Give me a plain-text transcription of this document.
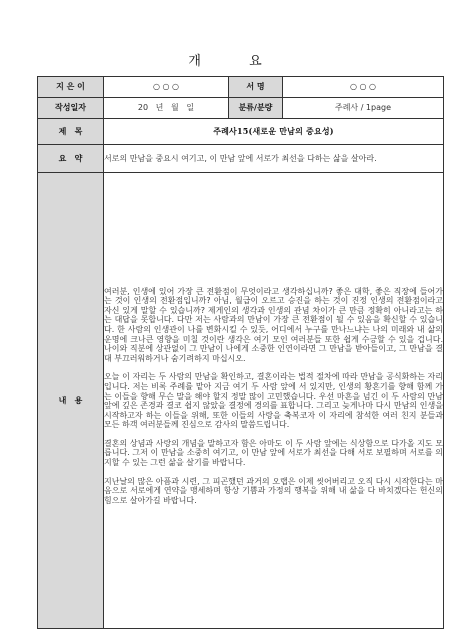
개 요
지 은 이	○ ○ ○	서 명	○ ○ ○
작성일자	20   년   월   일	분류/분량	주례사 / 1page
제   목	주례사15(새로운 만남의 중요성)		
요   약	서로의 만남을 중요시 여기고, 이 만남 앞에 서로가 최선을 다하는 삶을 살아라.		
내   용	여러분, 인생에 있어 가장 큰 전환점이 무엇이라고 생각하십니까? 좋은 대학, 좋은 직장에 들어가는 것이 인생의 전환점입니까? 아님, 월급이 오르고 승진을 하는 것이 진정 인생의 전환점이라고 자신 있게 말할 수 있습니까? 제게인의 생각과 인생의 관념 차이가 큰 만큼 정확히 아니라고는 하는 대답을 못합니다. 다만 저는 사람과의 만남이 가장 큰 전환점이 될 수 있음을 확신할 수 있습니다. 한 사람의 인생관이 나를 변화시킬 수 있듯, 어디에서 누구를 만나느냐는 나의 미래와 내 삶의 운명에 크나큰 영향을 미칠 것이란 생각은 여기 모인 여러분들 또한 쉽게 수긍할 수 있을 겁니다. 나이와 직분에 상관없이 그 만남이 나에게 소중한 인연이라면 그 만남을 받아들이고, 그 만남을 결대 부끄러워하거나 숨기려하지 마십시오.

오늘 이 자리는 두 사람의 만남을 확인하고, 결혼이라는 법적 절차에 따라 만남을 공식화하는 자리입니다. 저는 비록 주례를 맡아 지금 여기 두 사람 앞에 서 있지만, 인생의 황혼기를 향해 함께 가는 이들을 향해 무슨 말을 해야 할지 정말 많이 고민했습니다. 우선 마흔을 넘긴 이 두 사람의 만남 앞에 깊은 존경과 결코 쉽지 않았을 결정에 경의를 표합니다. 그리고 늦게나마 다시 만남의 인생을 시작하고자 하는 이들을 위해, 또한 이들의 사랑을 축복코자 이 자리에 참석한 여러 친지 분들과 모든 하객 여러분들께 진심으로 감사의 말씀드립니다.

결혼의 상념과 사랑의 개념을 말하고자 함은 아마도 이 두 사람 앞에는 식상함으로 다가올 지도 모릅니다. 그저 이 만남을 소중히 여기고, 이 만남 앞에 서로가 최선을 다해 서로 보필하며 서로를 의지할 수 있는 그런 삶을 살기를 바랍니다.

지난날의 많은 아픔과 시련, 그 피곤했던 과거의 오랩은 이제 씻어버리고 오직 다시 시작한다는 마음으로 서로에게 연약을 맹세하며 항상 기쁨과 가정의 행복을 위해 내 삶을 다 바치겠다는 헌신의 힘으로 살아가길 바랍니다.		
